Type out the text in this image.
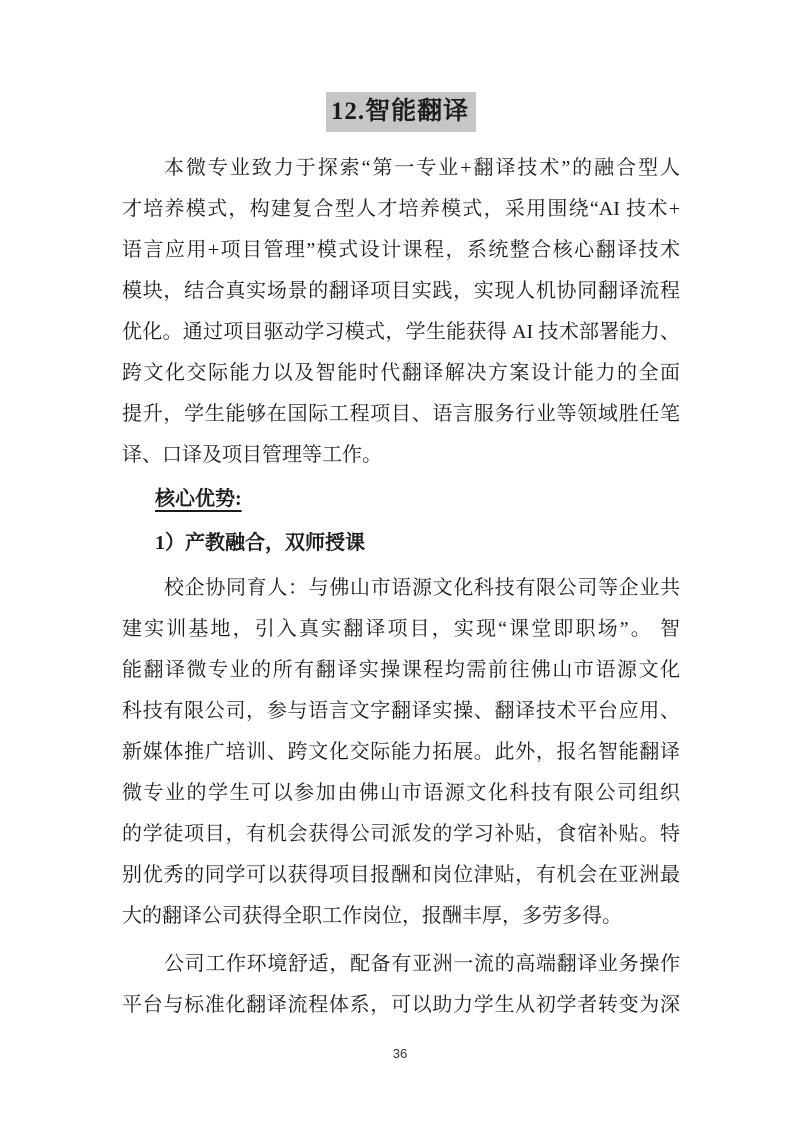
12.智能翻译
本微专业致力于探索“第一专业+翻译技术”的融合型人
才培养模式，构建复合型人才培养模式，采用围绕“AI 技术+
语言应用+项目管理”模式设计课程，系统整合核心翻译技术
模块，结合真实场景的翻译项目实践，实现人机协同翻译流程
优化。通过项目驱动学习模式，学生能获得 AI 技术部署能力、
跨文化交际能力以及智能时代翻译解决方案设计能力的全面
提升，学生能够在国际工程项目、语言服务行业等领域胜任笔
译、口译及项目管理等工作。
核心优势:
1）产教融合，双师授课
校企协同育人：与佛山市语源文化科技有限公司等企业共
建实训基地，引入真实翻译项目，实现“课堂即职场”。 智
能翻译微专业的所有翻译实操课程均需前往佛山市语源文化
科技有限公司，参与语言文字翻译实操、翻译技术平台应用、
新媒体推广培训、跨文化交际能力拓展。此外，报名智能翻译
微专业的学生可以参加由佛山市语源文化科技有限公司组织
的学徒项目，有机会获得公司派发的学习补贴，食宿补贴。特
别优秀的同学可以获得项目报酬和岗位津贴，有机会在亚洲最
大的翻译公司获得全职工作岗位，报酬丰厚，多劳多得。
公司工作环境舒适，配备有亚洲一流的高端翻译业务操作
平台与标准化翻译流程体系，可以助力学生从初学者转变为深
36
